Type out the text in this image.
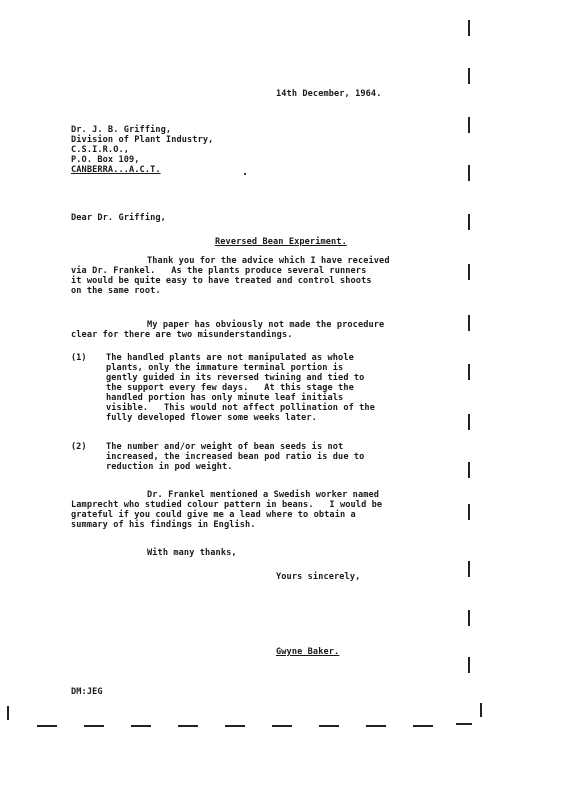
14th December, 1964.
Dr. J. B. Griffing,
Division of Plant Industry,
C.S.I.R.O.,
P.O. Box 109,
CANBERRA...A.C.T.
Dear Dr. Griffing,
Reversed Bean Experiment.
Thank you for the advice which I have received
via Dr. Frankel.   As the plants produce several runners
it would be quite easy to have treated and control shoots
on the same root.
My paper has obviously not made the procedure
clear for there are two misunderstandings.
(1) The handled plants are not manipulated as whole
plants, only the immature terminal portion is
gently guided in its reversed twining and tied to
the support every few days.   At this stage the
handled portion has only minute leaf initials
visible.   This would not affect pollination of the
fully developed flower some weeks later.
(2) The number and/or weight of bean seeds is not
increased, the increased bean pod ratio is due to
reduction in pod weight.
Dr. Frankel mentioned a Swedish worker named
Lamprecht who studied colour pattern in beans.   I would be
grateful if you could give me a lead where to obtain a
summary of his findings in English.
With many thanks,
Yours sincerely,
Gwyne Baker.
DM:JEG
